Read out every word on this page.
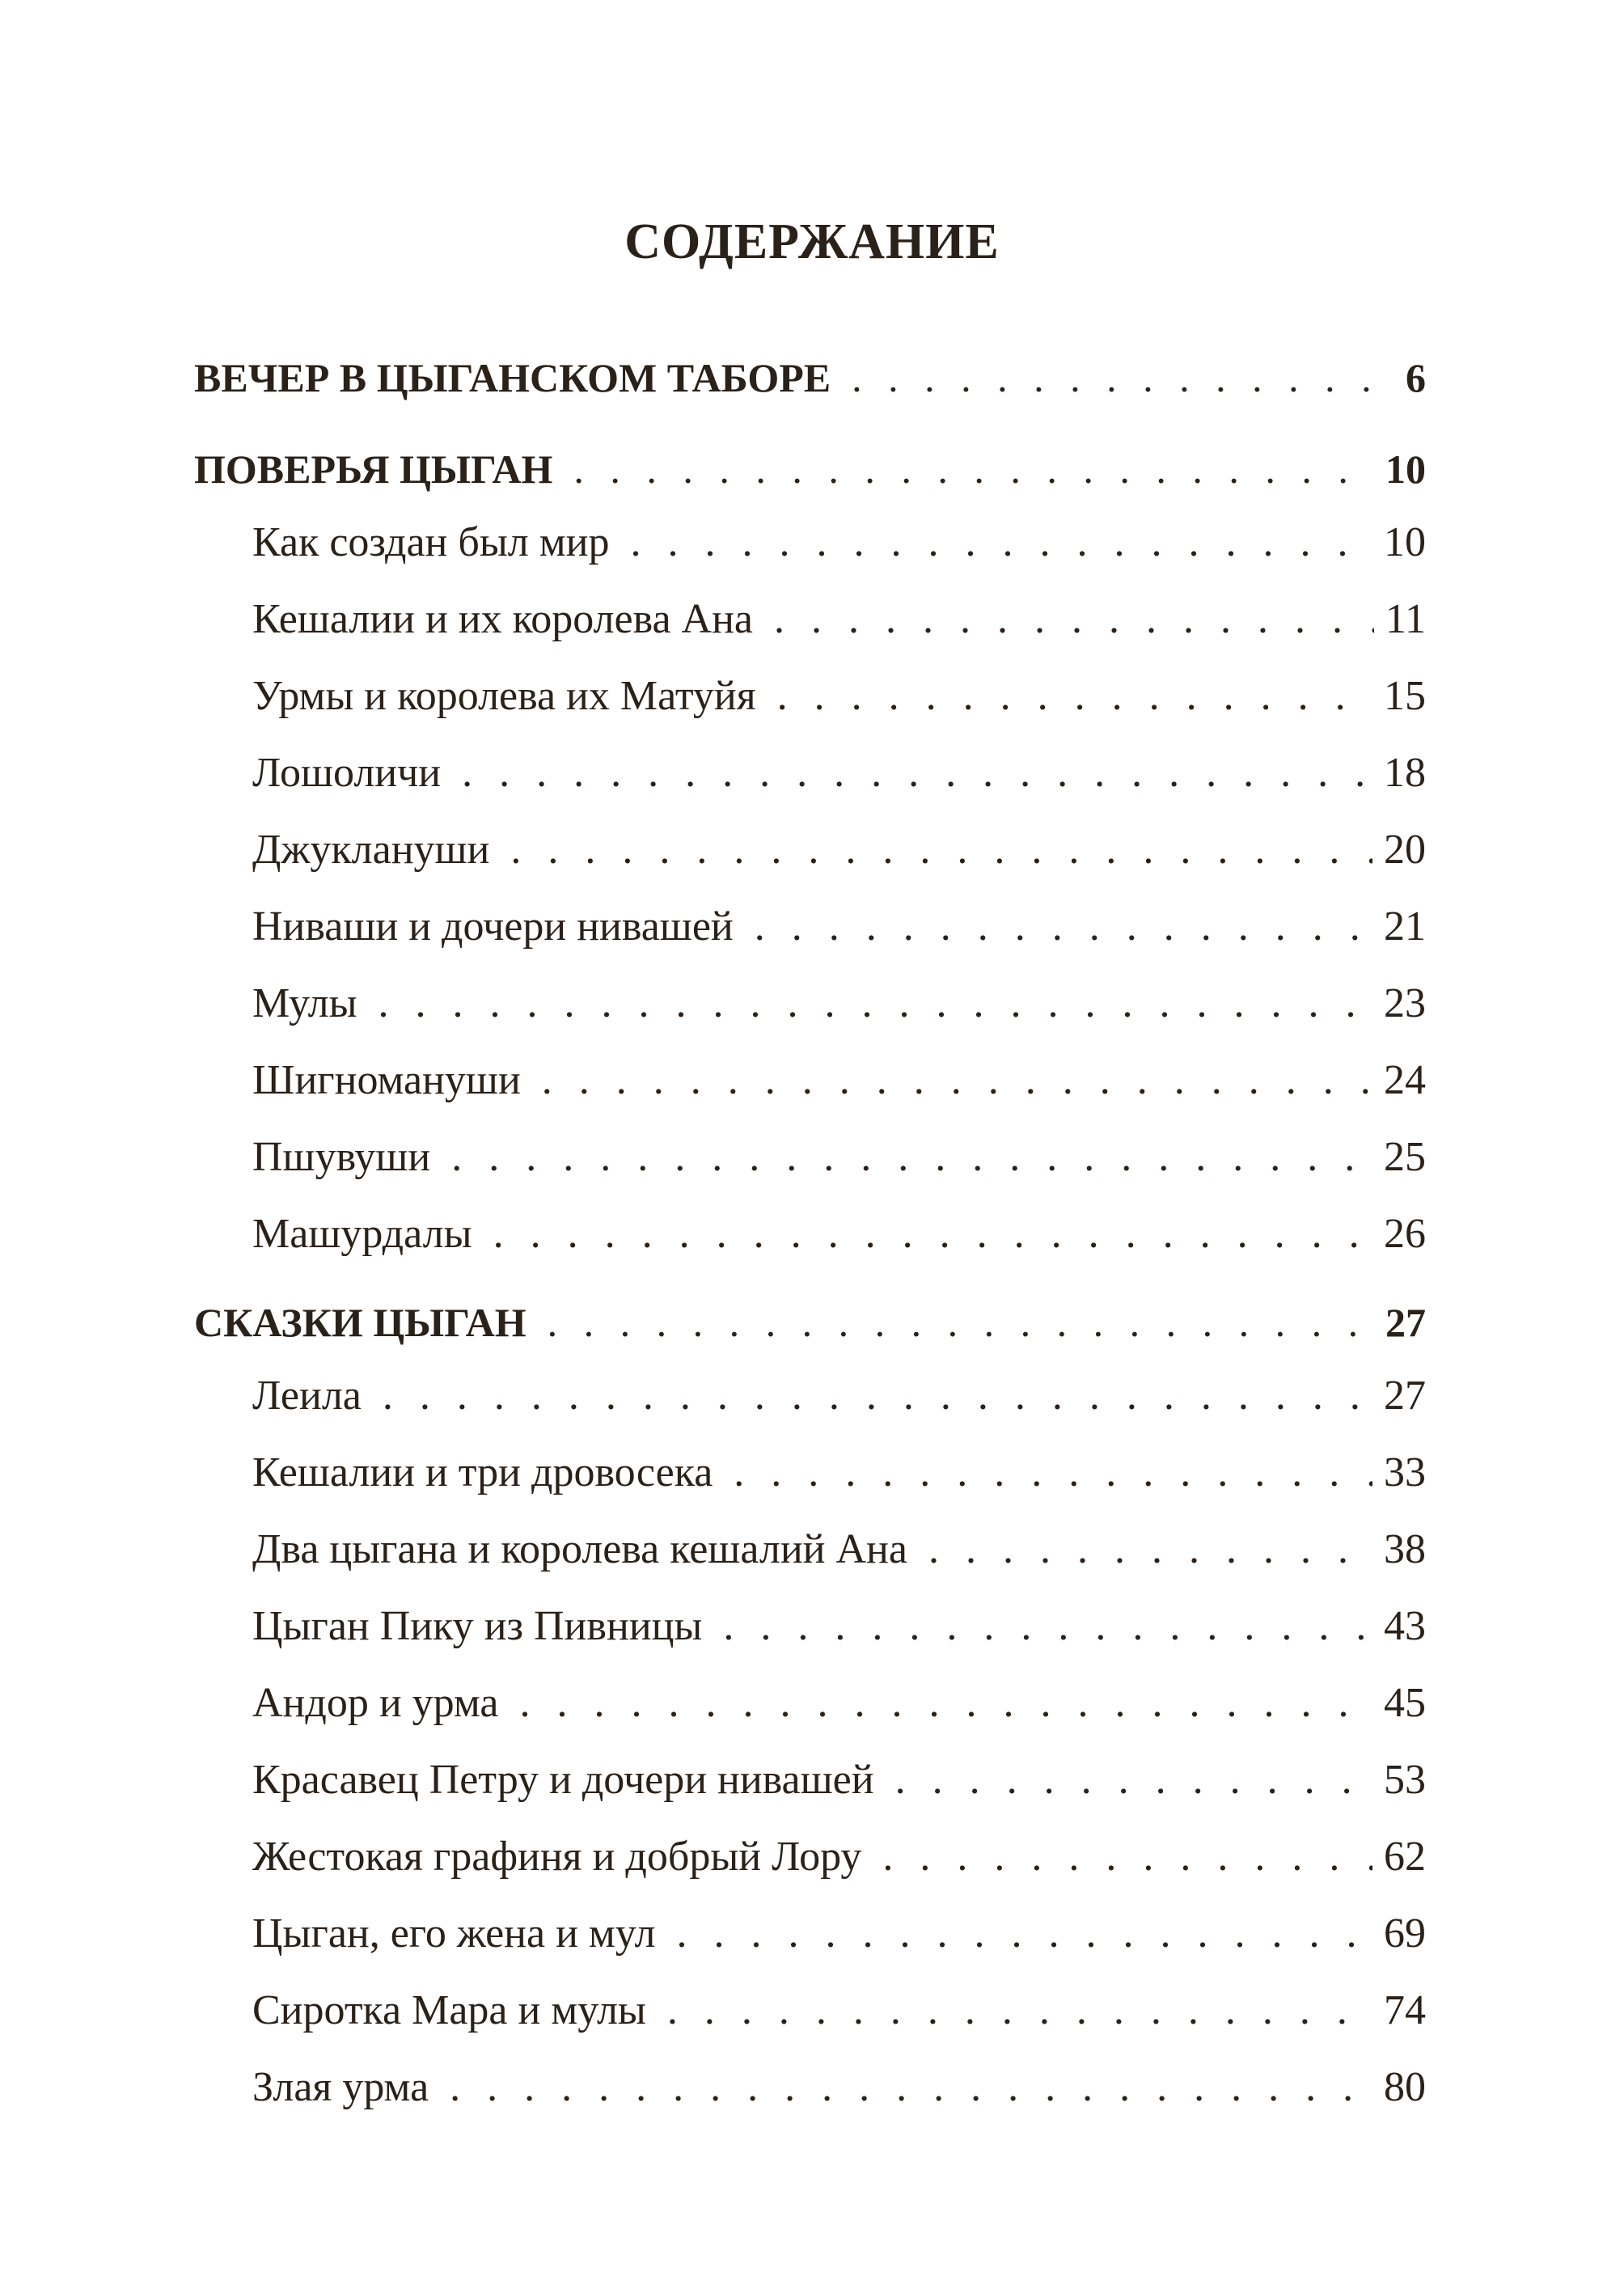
СОДЕРЖАНИЕ
ВЕЧЕР В ЦЫГАНСКОМ ТАБОРЕ . . .	6
ПОВЕРЬЯ ЦЫГАН . . .	10
Как создан был мир . . .	10
Кешалии и их королева Ана . . .	11
Урмы и королева их Матуйя . . .	15
Лошоличи . . .	18
Джуклануши . . .	20
Ниваши и дочери нивашей . . .	21
Мулы . . .	23
Шигномануши . . .	24
Пшувуши . . .	25
Машурдалы . . .	26
СКАЗКИ ЦЫГАН . . .	27
Леила . . .	27
Кешалии и три дровосека . . .	33
Два цыгана и королева кешалий Ана . . .	38
Цыган Пику из Пивницы . . .	43
Андор и урма . . .	45
Красавец Петру и дочери нивашей . . .	53
Жестокая графиня и добрый Лору . . .	62
Цыган, его жена и мул . . .	69
Сиротка Мара и мулы . . .	74
Злая урма . . .	80
